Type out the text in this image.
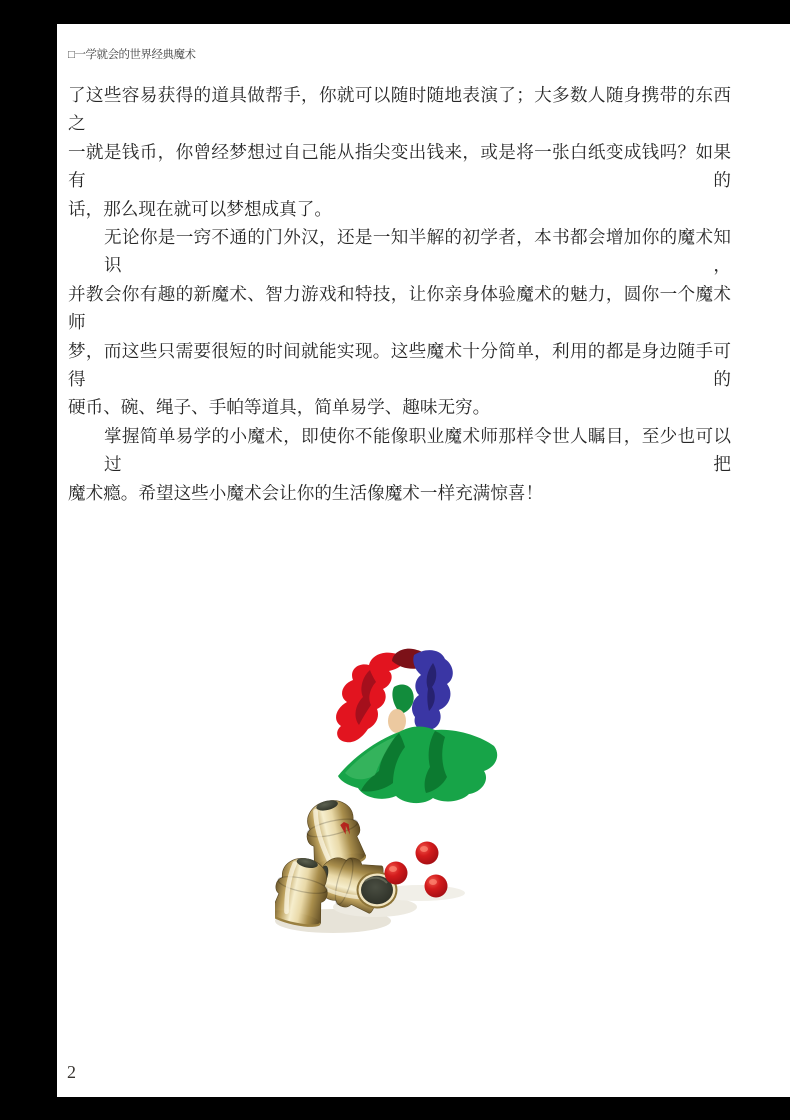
□一学就会的世界经典魔术
了这些容易获得的道具做帮手，你就可以随时随地表演了；大多数人随身携带的东西之
一就是钱币，你曾经梦想过自己能从指尖变出钱来，或是将一张白纸变成钱吗？如果有的
话，那么现在就可以梦想成真了。
无论你是一窍不通的门外汉，还是一知半解的初学者，本书都会增加你的魔术知识，
并教会你有趣的新魔术、智力游戏和特技，让你亲身体验魔术的魅力，圆你一个魔术师
梦，而这些只需要很短的时间就能实现。这些魔术十分简单，利用的都是身边随手可得的
硬币、碗、绳子、手帕等道具，简单易学、趣味无穷。
掌握简单易学的小魔术，即使你不能像职业魔术师那样令世人瞩目，至少也可以过把
魔术瘾。希望这些小魔术会让你的生活像魔术一样充满惊喜！
2
